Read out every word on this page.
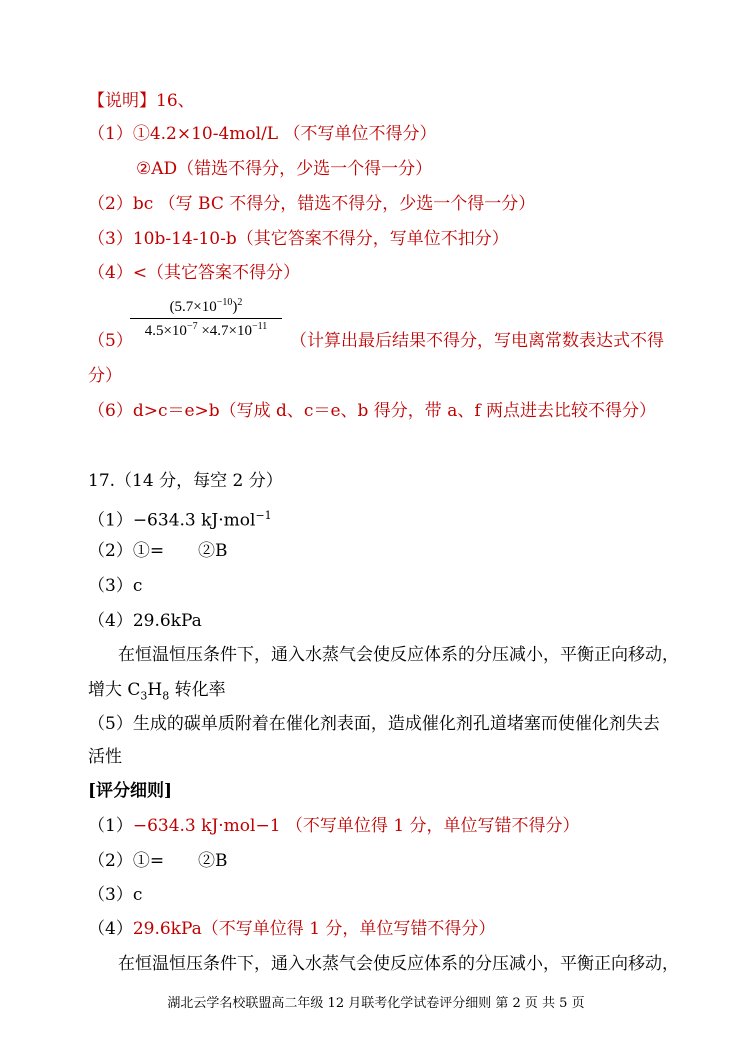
【说明】16、
（1）①4.2×10-4mol/L （不写单位不得分）
②AD（错选不得分，少选一个得一分）
（2）bc （写 BC 不得分，错选不得分，少选一个得一分）
（3）10b-14-10-b（其它答案不得分，写单位不扣分）
（4）<（其它答案不得分）
$(5.7\times 10^{-10})^2$
$4.5\times 10^{-7} \times 4.7\times 10^{-11}$
（5）	（计算出最后结果不得分，写电离常数表达式不得
分）
（6）d>c＝e>b（写成 d、c＝e、b 得分，带 a、f 两点进去比较不得分）
17.（14 分，每空 2 分）
（1）−634.3 kJ·mol$^{-1}$
（2）①=　　②B
（3）c
（4）29.6kPa
在恒温恒压条件下，通入水蒸气会使反应体系的分压减小，平衡正向移动，
增大 $C_3H_8$ 转化率
（5）生成的碳单质附着在催化剂表面，造成催化剂孔道堵塞而使催化剂失去
活性
[评分细则]
（1）−634.3 kJ·mol−1 （不写单位得 1 分，单位写错不得分）
（2）①=　　②B
（3）c
（4）29.6kPa（不写单位得 1 分，单位写错不得分）
在恒温恒压条件下，通入水蒸气会使反应体系的分压减小，平衡正向移动，
湖北云学名校联盟高二年级 12 月联考化学试卷评分细则 第 2 页 共 5 页
